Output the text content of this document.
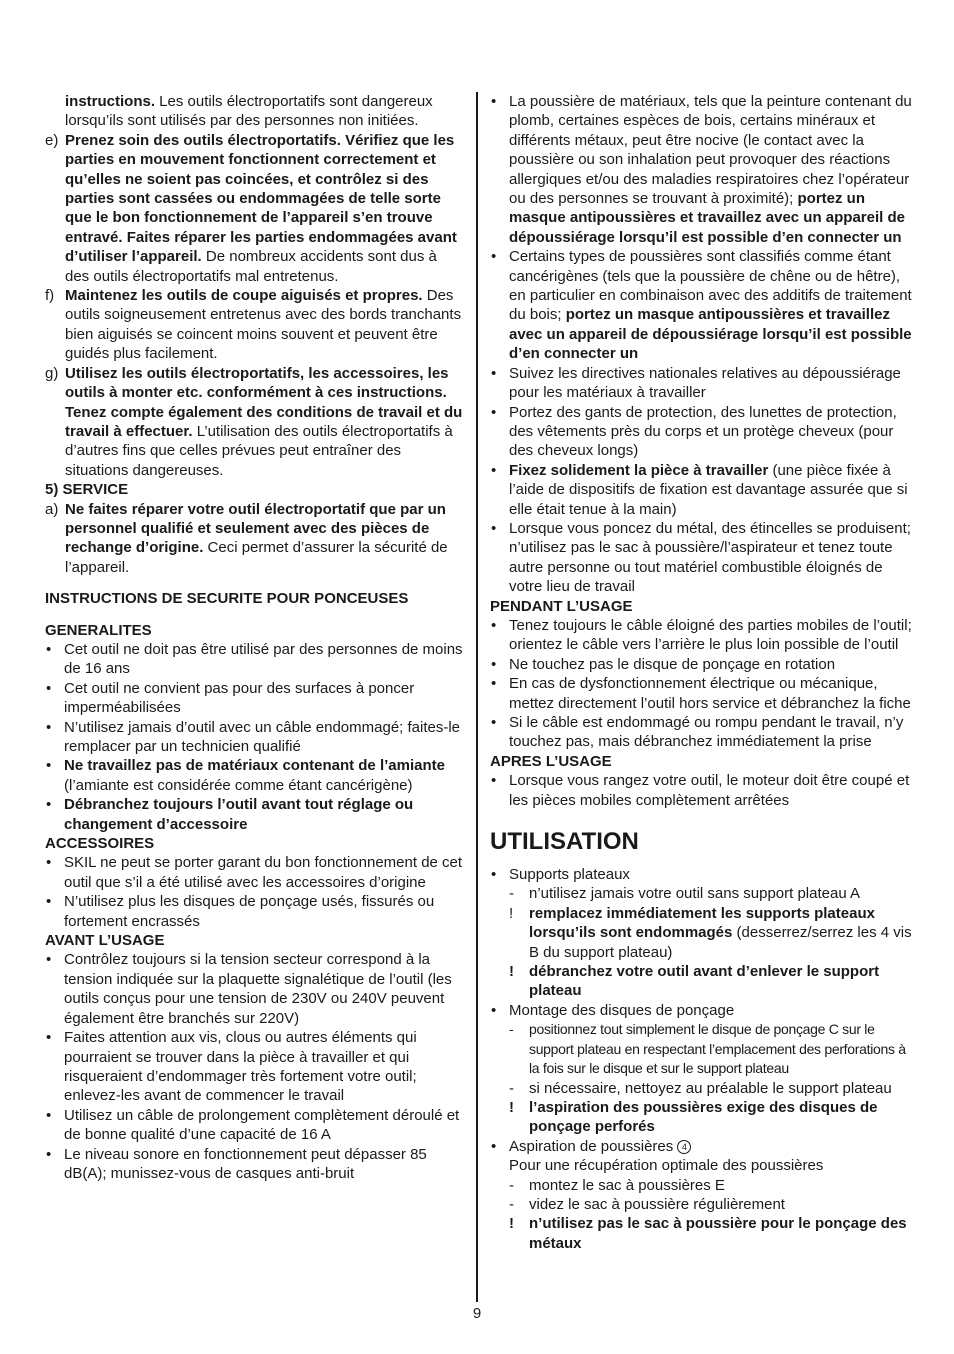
instructions. Les outils électroportatifs sont dangereux lorsqu’ils sont utilisés par des personnes non initiées.

e) Prenez soin des outils électroportatifs. Vérifiez que les parties en mouvement fonctionnent correctement et qu’elles ne soient pas coincées, et contrôlez si des parties sont cassées ou endommagées de telle sorte que le bon fonctionnement de l’appareil s’en trouve entravé. Faites réparer les parties endommagées avant d’utiliser l’appareil. De nombreux accidents sont dus à des outils électroportatifs mal entretenus.
f) Maintenez les outils de coupe aiguisés et propres. Des outils soigneusement entretenus avec des bords tranchants bien aiguisés se coincent moins souvent et peuvent être guidés plus facilement.
g) Utilisez les outils électroportatifs, les accessoires, les outils à monter etc. conformément à ces instructions. Tenez compte également des conditions de travail et du travail à effectuer. L’utilisation des outils électroportatifs à d’autres fins que celles prévues peut entraîner des situations dangereuses.

5) SERVICE

a) Ne faites réparer votre outil électroportatif que par un personnel qualifié et seulement avec des pièces de rechange d’origine. Ceci permet d’assurer la sécurité de l’appareil.

INSTRUCTIONS DE SECURITE POUR PONCEUSES

GENERALITES

• Cet outil ne doit pas être utilisé par des personnes de moins de 16 ans
• Cet outil ne convient pas pour des surfaces à poncer imperméabilisées
• N’utilisez jamais d’outil avec un câble endommagé; faites-le remplacer par un technicien qualifié
• Ne travaillez pas de matériaux contenant de l’amiante (l’amiante est considérée comme étant cancérigène)
• Débranchez toujours l’outil avant tout réglage ou changement d’accessoire

ACCESSOIRES

• SKIL ne peut se porter garant du bon fonctionnement de cet outil que s’il a été utilisé avec les accessoires d’origine
• N’utilisez plus les disques de ponçage usés, fissurés ou fortement encrassés

AVANT L’USAGE

• Contrôlez toujours si la tension secteur correspond à la tension indiquée sur la plaquette signalétique de l’outil (les outils conçus pour une tension de 230V ou 240V peuvent également être branchés sur 220V)
• Faites attention aux vis, clous ou autres éléments qui pourraient se trouver dans la pièce à travailler et qui risqueraient d’endommager très fortement votre outil; enlevez-les avant de commencer le travail
• Utilisez un câble de prolongement complètement déroulé et de bonne qualité d’une capacité de 16 A
• Le niveau sonore en fonctionnement peut dépasser 85 dB(A); munissez-vous de casques anti-bruit
• La poussière de matériaux, tels que la peinture contenant du plomb, certaines espèces de bois, certains minéraux et différents métaux, peut être nocive (le contact avec la poussière ou son inhalation peut provoquer des réactions allergiques et/ou des maladies respiratoires chez l’opérateur ou des personnes se trouvant à proximité); portez un masque antipoussières et travaillez avec un appareil de dépoussiérage lorsqu’il est possible d’en connecter un
• Certains types de poussières sont classifiés comme étant cancérigènes (tels que la poussière de chêne ou de hêtre), en particulier en combinaison avec des additifs de traitement du bois; portez un masque antipoussières et travaillez avec un appareil de dépoussiérage lorsqu’il est possible d’en connecter un
• Suivez les directives nationales relatives au dépoussiérage pour les matériaux à travailler
• Portez des gants de protection, des lunettes de protection, des vêtements près du corps et un protège cheveux (pour des cheveux longs)
• Fixez solidement la pièce à travailler (une pièce fixée à l’aide de dispositifs de fixation est davantage assurée que si elle était tenue à la main)
• Lorsque vous poncez du métal, des étincelles se produisent; n’utilisez pas le sac à poussière/l’aspirateur et tenez toute autre personne ou tout matériel combustible éloignés de votre lieu de travail

PENDANT L’USAGE

• Tenez toujours le câble éloigné des parties mobiles de l’outil; orientez le câble vers l’arrière le plus loin possible de l’outil
• Ne touchez pas le disque de ponçage en rotation
• En cas de dysfonctionnement électrique ou mécanique, mettez directement l’outil hors service et débranchez la fiche
• Si le câble est endommagé ou rompu pendant le travail, n’y touchez pas, mais débranchez immédiatement la prise

APRES L’USAGE

• Lorsque vous rangez votre outil, le moteur doit être coupé et les pièces mobiles complètement arrêtées
UTILISATION
• Supports plateaux
- n’utilisez jamais votre outil sans support plateau A
! remplacez immédiatement les supports plateaux lorsqu’ils sont endommagés (desserrez/serrez les 4 vis B du support plateau)
! débranchez votre outil avant d’enlever le support plateau
• Montage des disques de ponçage
- positionnez tout simplement le disque de ponçage C sur le support plateau en respectant l’emplacement des perforations à la fois sur le disque et sur le support plateau
- si nécessaire, nettoyez au préalable le support plateau
! l’aspiration des poussières exige des disques de ponçage perforés
• Aspiration de poussières 4

Pour une récupération optimale des poussières

- montez le sac à poussières E
- videz le sac à poussière régulièrement
! n’utilisez pas le sac à poussière pour le ponçage des métaux
9
